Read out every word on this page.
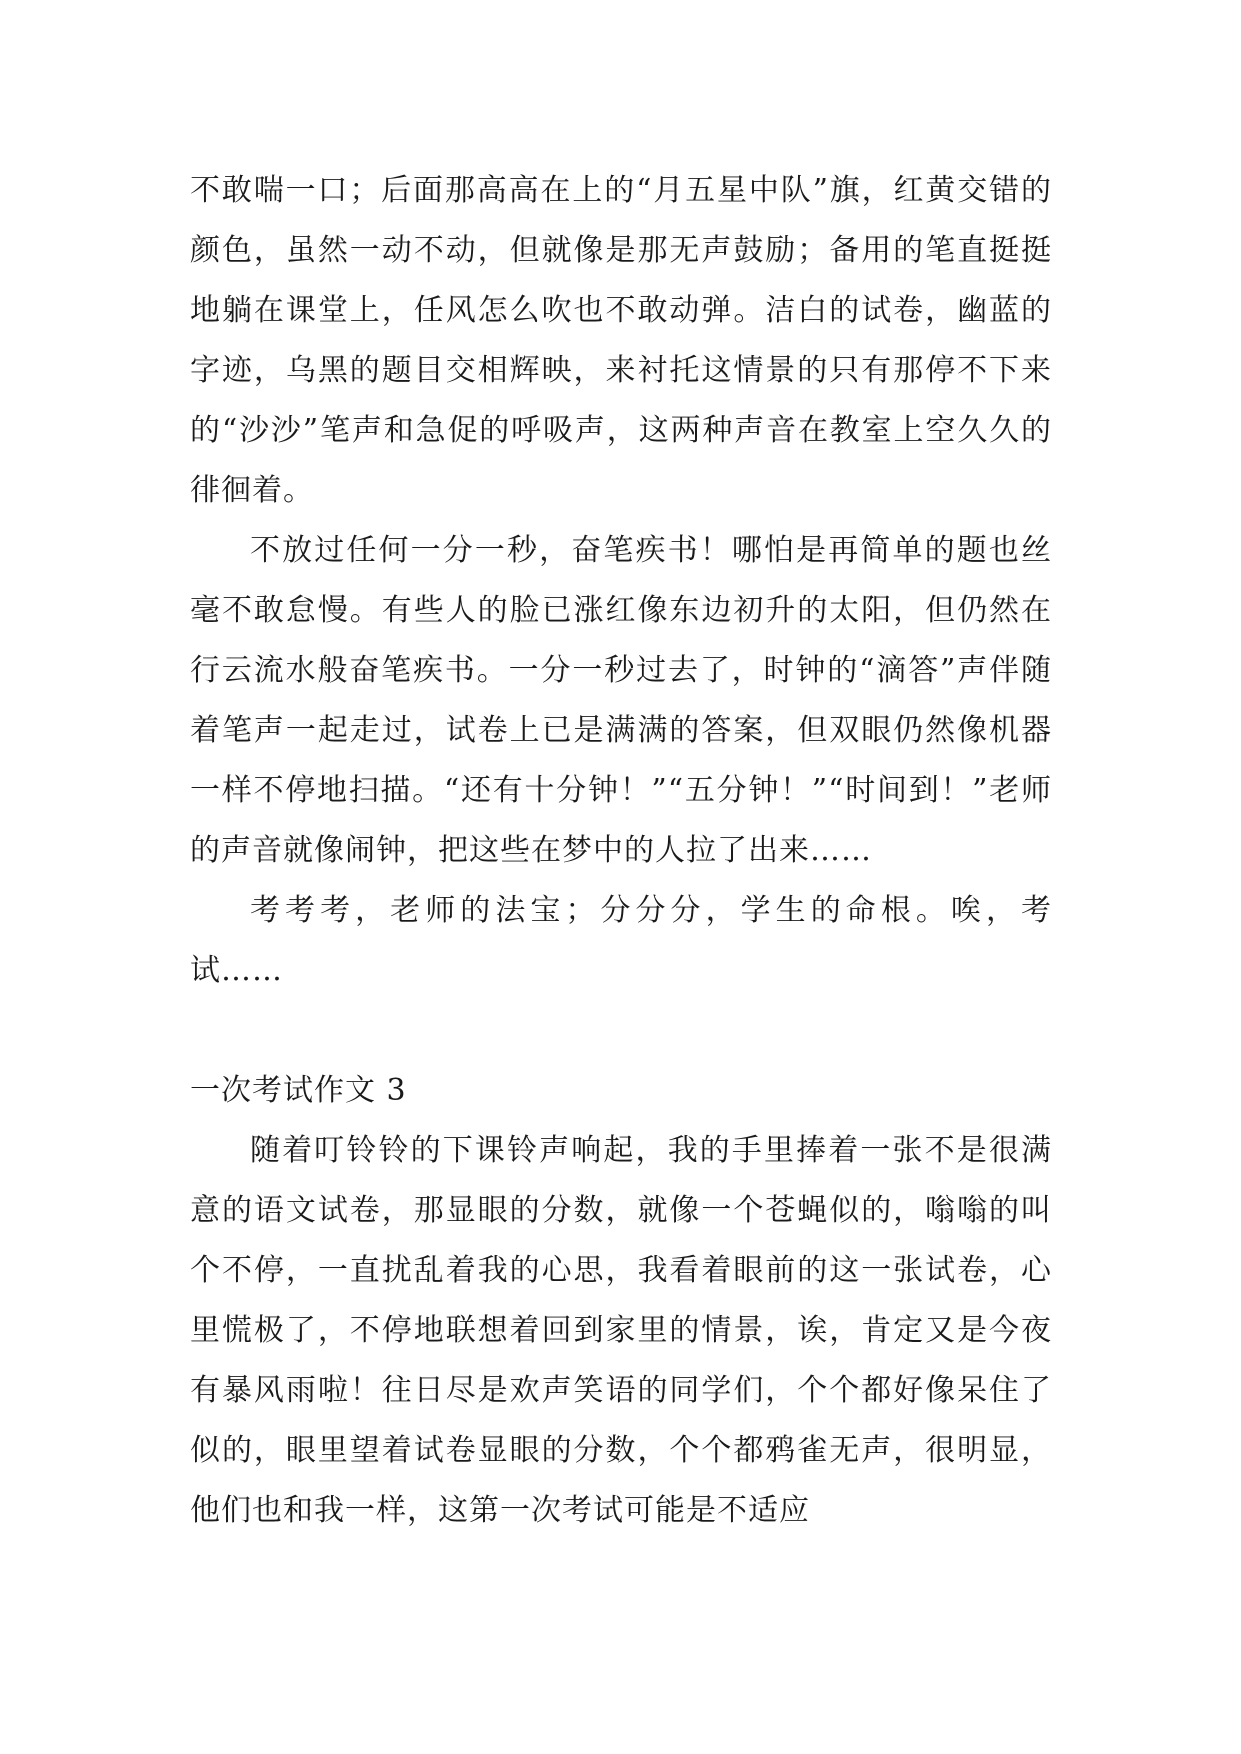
不敢喘一口；后面那高高在上的“月五星中队”旗，红黄交错的颜色，虽然一动不动，但就像是那无声鼓励；备用的笔直挺挺地躺在课堂上，任风怎么吹也不敢动弹。洁白的试卷，幽蓝的字迹，乌黑的题目交相辉映，来衬托这情景的只有那停不下来的“沙沙”笔声和急促的呼吸声，这两种声音在教室上空久久的徘徊着。

不放过任何一分一秒，奋笔疾书！哪怕是再简单的题也丝毫不敢怠慢。有些人的脸已涨红像东边初升的太阳，但仍然在行云流水般奋笔疾书。一分一秒过去了，时钟的“滴答”声伴随着笔声一起走过，试卷上已是满满的答案，但双眼仍然像机器一样不停地扫描。“还有十分钟！”“五分钟！”“时间到！”老师的声音就像闹钟，把这些在梦中的人拉了出来……

考考考，老师的法宝；分分分，学生的命根。唉，考试……

一次考试作文 3

随着叮铃铃的下课铃声响起，我的手里捧着一张不是很满意的语文试卷，那显眼的分数，就像一个苍蝇似的，嗡嗡的叫个不停，一直扰乱着我的心思，我看着眼前的这一张试卷，心里慌极了，不停地联想着回到家里的情景，诶，肯定又是今夜有暴风雨啦！往日尽是欢声笑语的同学们，个个都好像呆住了似的，眼里望着试卷显眼的分数，个个都鸦雀无声，很明显，他们也和我一样，这第一次考试可能是不适应
